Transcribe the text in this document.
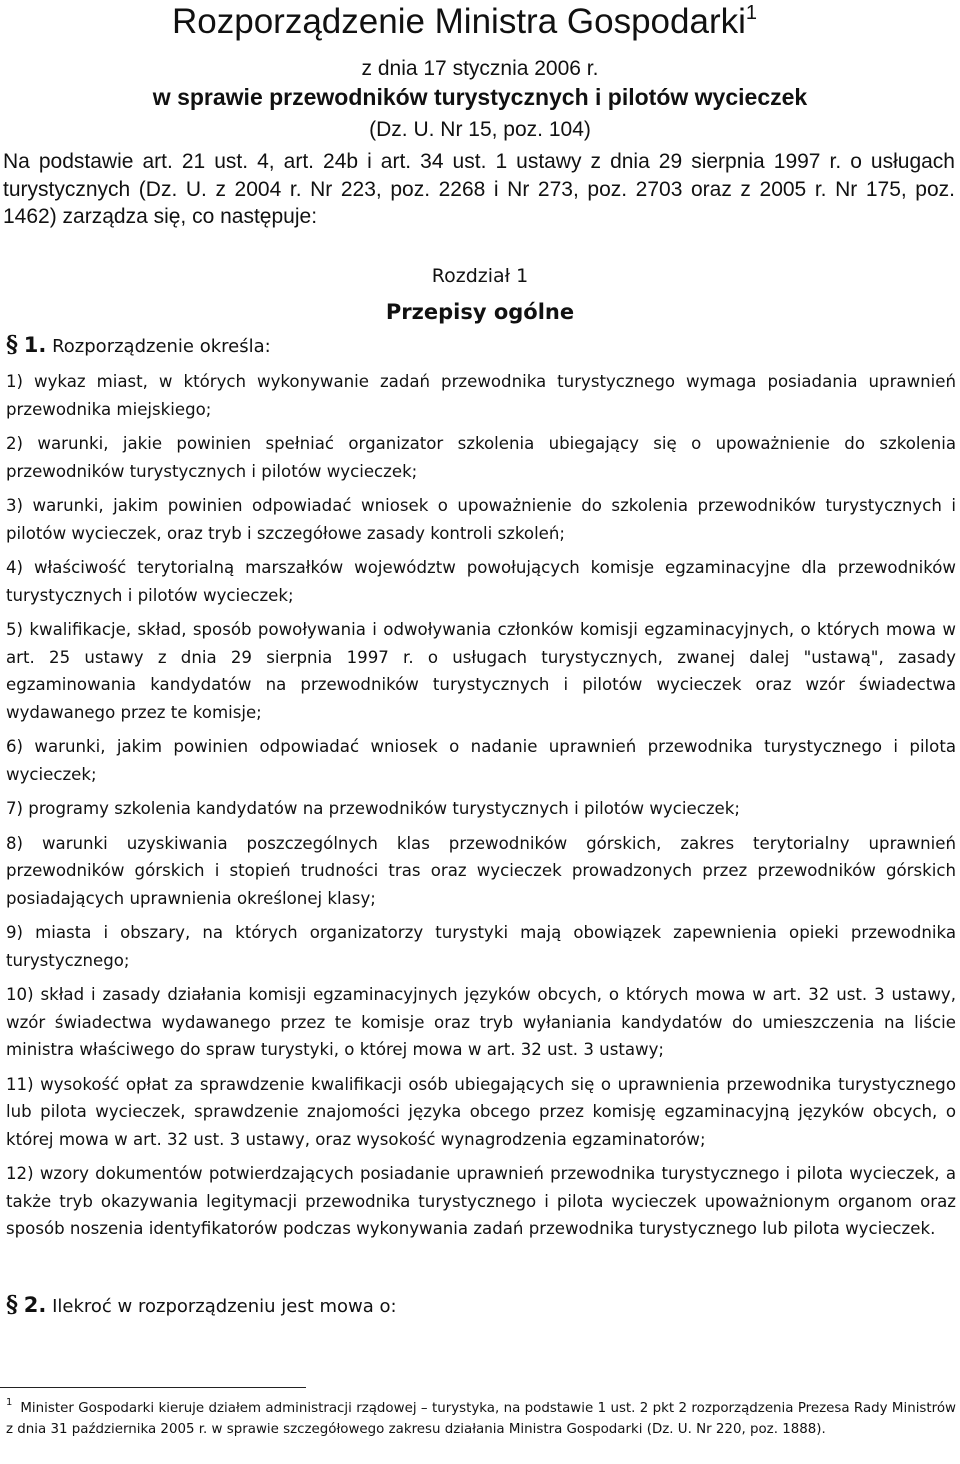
Rozporządzenie Ministra Gospodarki$^1$
z dnia 17 stycznia 2006 r.
w sprawie przewodników turystycznych i pilotów wycieczek
(Dz. U. Nr 15, poz. 104)
Na podstawie art. 21 ust. 4, art. 24b i art. 34 ust. 1 ustawy z dnia 29 sierpnia 1997 r. o usługach turystycznych (Dz. U. z 2004 r. Nr 223, poz. 2268 i Nr 273, poz. 2703 oraz z 2005 r. Nr 175, poz. 1462) zarządza się, co następuje:
Rozdział 1
Przepisy ogólne
§ 1. Rozporządzenie określa:

1) wykaz miast, w których wykonywanie zadań przewodnika turystycznego wymaga posiadania uprawnień przewodnika miejskiego;

2) warunki, jakie powinien spełniać organizator szkolenia ubiegający się o upoważnienie do szkolenia przewodników turystycznych i pilotów wycieczek;

3) warunki, jakim powinien odpowiadać wniosek o upoważnienie do szkolenia przewodników turystycznych i pilotów wycieczek, oraz tryb i szczegółowe zasady kontroli szkoleń;

4) właściwość terytorialną marszałków województw powołujących komisje egzaminacyjne dla przewodników turystycznych i pilotów wycieczek;

5) kwalifikacje, skład, sposób powoływania i odwoływania członków komisji egzaminacyjnych, o których mowa w art. 25 ustawy z dnia 29 sierpnia 1997 r. o usługach turystycznych, zwanej dalej "ustawą", zasady egzaminowania kandydatów na przewodników turystycznych i pilotów wycieczek oraz wzór świadectwa wydawanego przez te komisje;

6) warunki, jakim powinien odpowiadać wniosek o nadanie uprawnień przewodnika turystycznego i pilota wycieczek;

7) programy szkolenia kandydatów na przewodników turystycznych i pilotów wycieczek;

8) warunki uzyskiwania poszczególnych klas przewodników górskich, zakres terytorialny uprawnień przewodników górskich i stopień trudności tras oraz wycieczek prowadzonych przez przewodników górskich posiadających uprawnienia określonej klasy;

9) miasta i obszary, na których organizatorzy turystyki mają obowiązek zapewnienia opieki przewodnika turystycznego;

10) skład i zasady działania komisji egzaminacyjnych języków obcych, o których mowa w art. 32 ust. 3 ustawy, wzór świadectwa wydawanego przez te komisje oraz tryb wyłaniania kandydatów do umieszczenia na liście ministra właściwego do spraw turystyki, o której mowa w art. 32 ust. 3 ustawy;

11) wysokość opłat za sprawdzenie kwalifikacji osób ubiegających się o uprawnienia przewodnika turystycznego lub pilota wycieczek, sprawdzenie znajomości języka obcego przez komisję egzaminacyjną języków obcych, o której mowa w art. 32 ust. 3 ustawy, oraz wysokość wynagrodzenia egzaminatorów;

12) wzory dokumentów potwierdzających posiadanie uprawnień przewodnika turystycznego i pilota wycieczek, a także tryb okazywania legitymacji przewodnika turystycznego i pilota wycieczek upoważnionym organom oraz sposób noszenia identyfikatorów podczas wykonywania zadań przewodnika turystycznego lub pilota wycieczek.

§ 2. Ilekroć w rozporządzeniu jest mowa o:
$^1$ Minister Gospodarki kieruje działem administracji rządowej – turystyka, na podstawie 1 ust. 2 pkt 2 rozporządzenia Prezesa Rady Ministrów z dnia 31 października 2005 r. w sprawie szczegółowego zakresu działania Ministra Gospodarki (Dz. U. Nr 220, poz. 1888).
